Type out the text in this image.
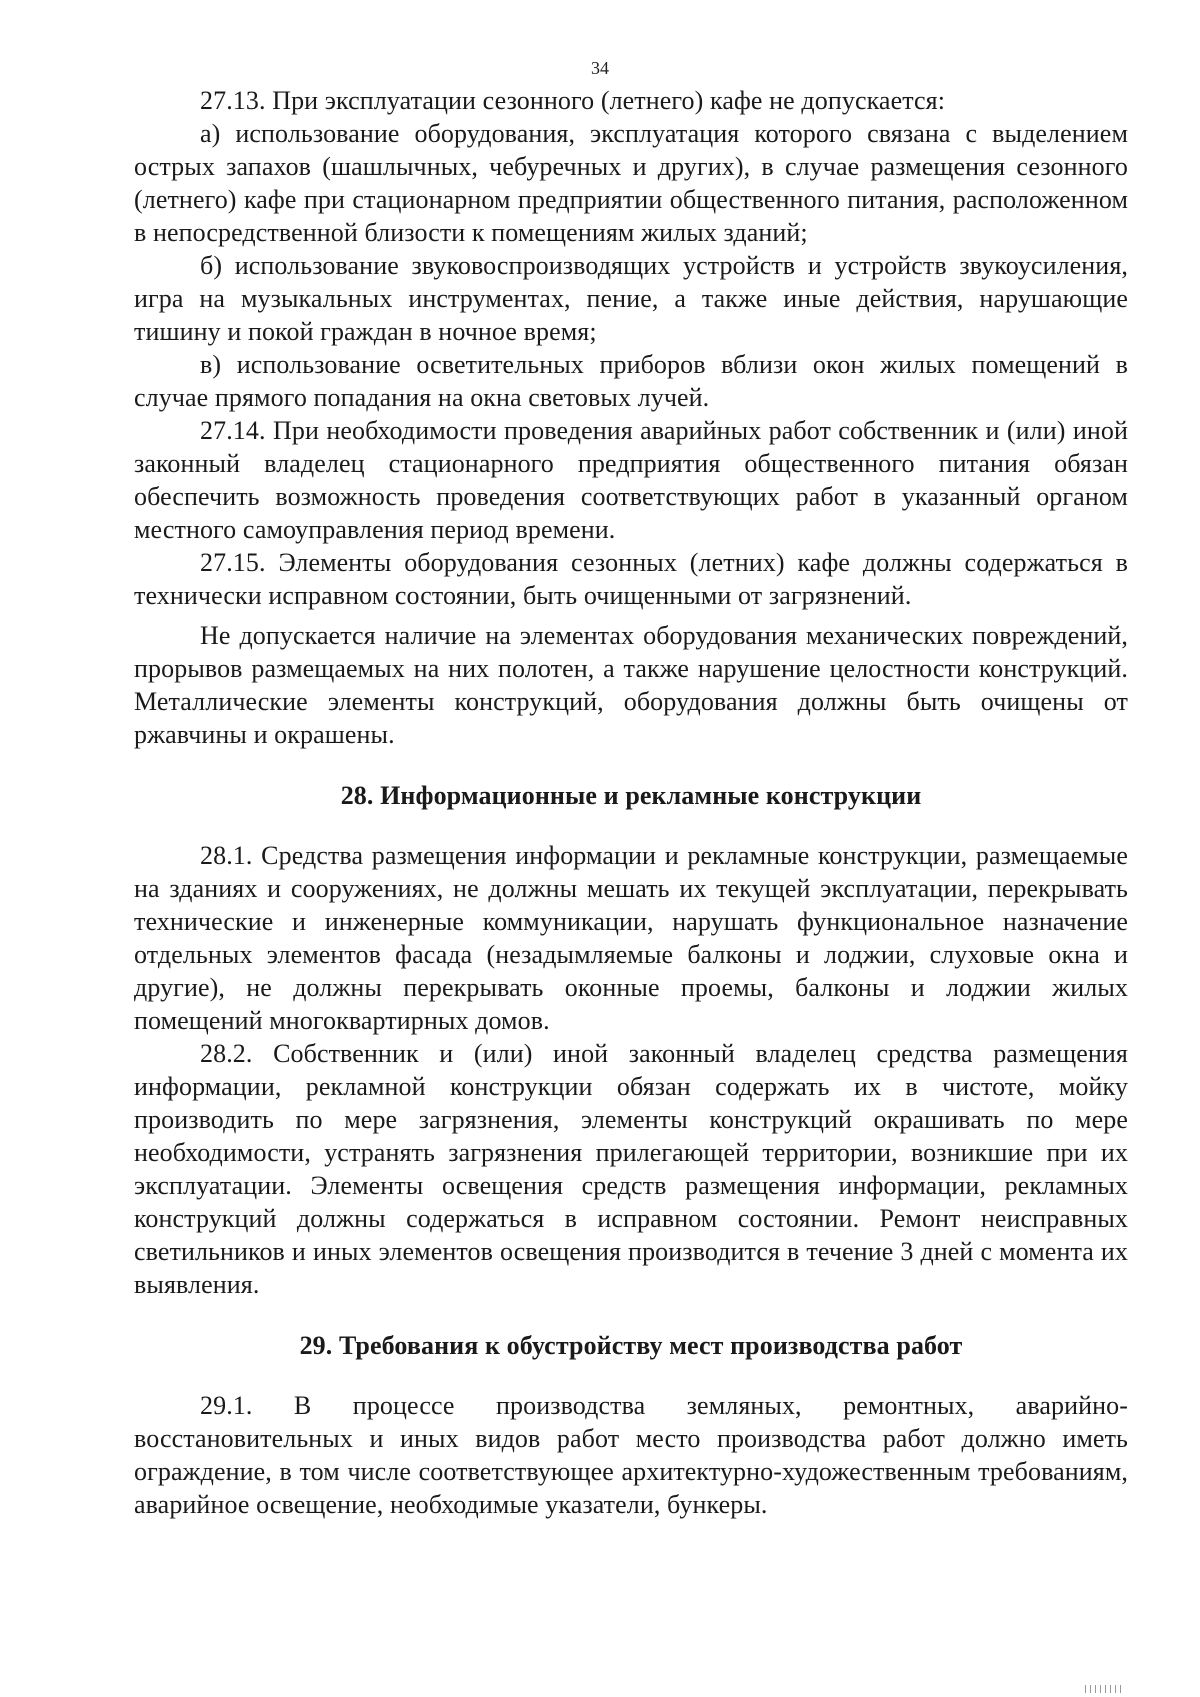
34

27.13. При эксплуатации сезонного (летнего) кафе не допускается:

а) использование оборудования, эксплуатация которого связана с выделением острых запахов (шашлычных, чебуречных и других), в случае размещения сезонного (летнего) кафе при стационарном предприятии общественного питания, расположенном в непосредственной близости к помещениям жилых зданий;

б) использование звуковоспроизводящих устройств и устройств звукоусиления, игра на музыкальных инструментах, пение, а также иные действия, нарушающие тишину и покой граждан в ночное время;

в) использование осветительных приборов вблизи окон жилых помещений в случае прямого попадания на окна световых лучей.

27.14. При необходимости проведения аварийных работ собственник и (или) иной законный владелец стационарного предприятия общественного питания обязан обеспечить возможность проведения соответствующих работ в указанный органом местного самоуправления период времени.

27.15. Элементы оборудования сезонных (летних) кафе должны содержаться в технически исправном состоянии, быть очищенными от загрязнений.

Не допускается наличие на элементах оборудования механических повреждений, прорывов размещаемых на них полотен, а также нарушение целостности конструкций. Металлические элементы конструкций, оборудования должны быть очищены от ржавчины и окрашены.

28. Информационные и рекламные конструкции

28.1. Средства размещения информации и рекламные конструкции, размещаемые на зданиях и сооружениях, не должны мешать их текущей эксплуатации, перекрывать технические и инженерные коммуникации, нарушать функциональное назначение отдельных элементов фасада (незадымляемые балконы и лоджии, слуховые окна и другие), не должны перекрывать оконные проемы, балконы и лоджии жилых помещений многоквартирных домов.

28.2. Собственник и (или) иной законный владелец средства размещения информации, рекламной конструкции обязан содержать их в чистоте, мойку производить по мере загрязнения, элементы конструкций окрашивать по мере необходимости, устранять загрязнения прилегающей территории, возникшие при их эксплуатации. Элементы освещения средств размещения информации, рекламных конструкций должны содержаться в исправном состоянии. Ремонт неисправных светильников и иных элементов освещения производится в течение 3 дней с момента их выявления.

29. Требования к обустройству мест производства работ

29.1. В процессе производства земляных, ремонтных, аварийно-восстановительных и иных видов работ место производства работ должно иметь ограждение, в том числе соответствующее архитектурно-художественным требованиям, аварийное освещение, необходимые указатели, бункеры.
